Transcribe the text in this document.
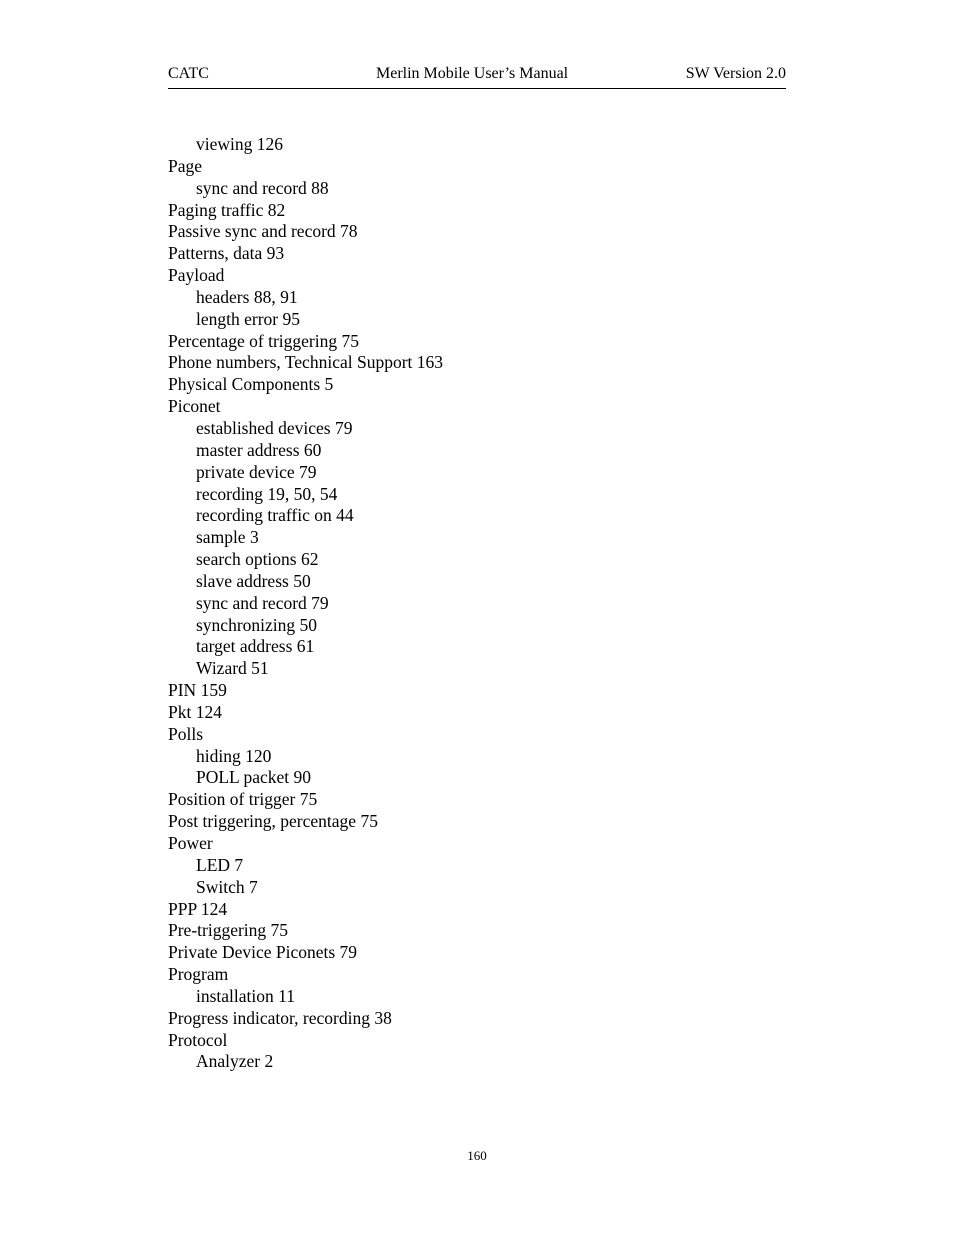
CATC	Merlin Mobile User’s Manual	SW Version 2.0
viewing 126
Page
sync and record 88
Paging traffic 82
Passive sync and record 78
Patterns, data 93
Payload
headers 88, 91
length error 95
Percentage of triggering 75
Phone numbers, Technical Support 163
Physical Components 5
Piconet
established devices 79
master address 60
private device 79
recording 19, 50, 54
recording traffic on 44
sample 3
search options 62
slave address 50
sync and record 79
synchronizing 50
target address 61
Wizard 51
PIN 159
Pkt 124
Polls
hiding 120
POLL packet 90
Position of trigger 75
Post triggering, percentage 75
Power
LED 7
Switch 7
PPP 124
Pre-triggering 75
Private Device Piconets 79
Program
installation 11
Progress indicator, recording 38
Protocol
Analyzer 2
160
